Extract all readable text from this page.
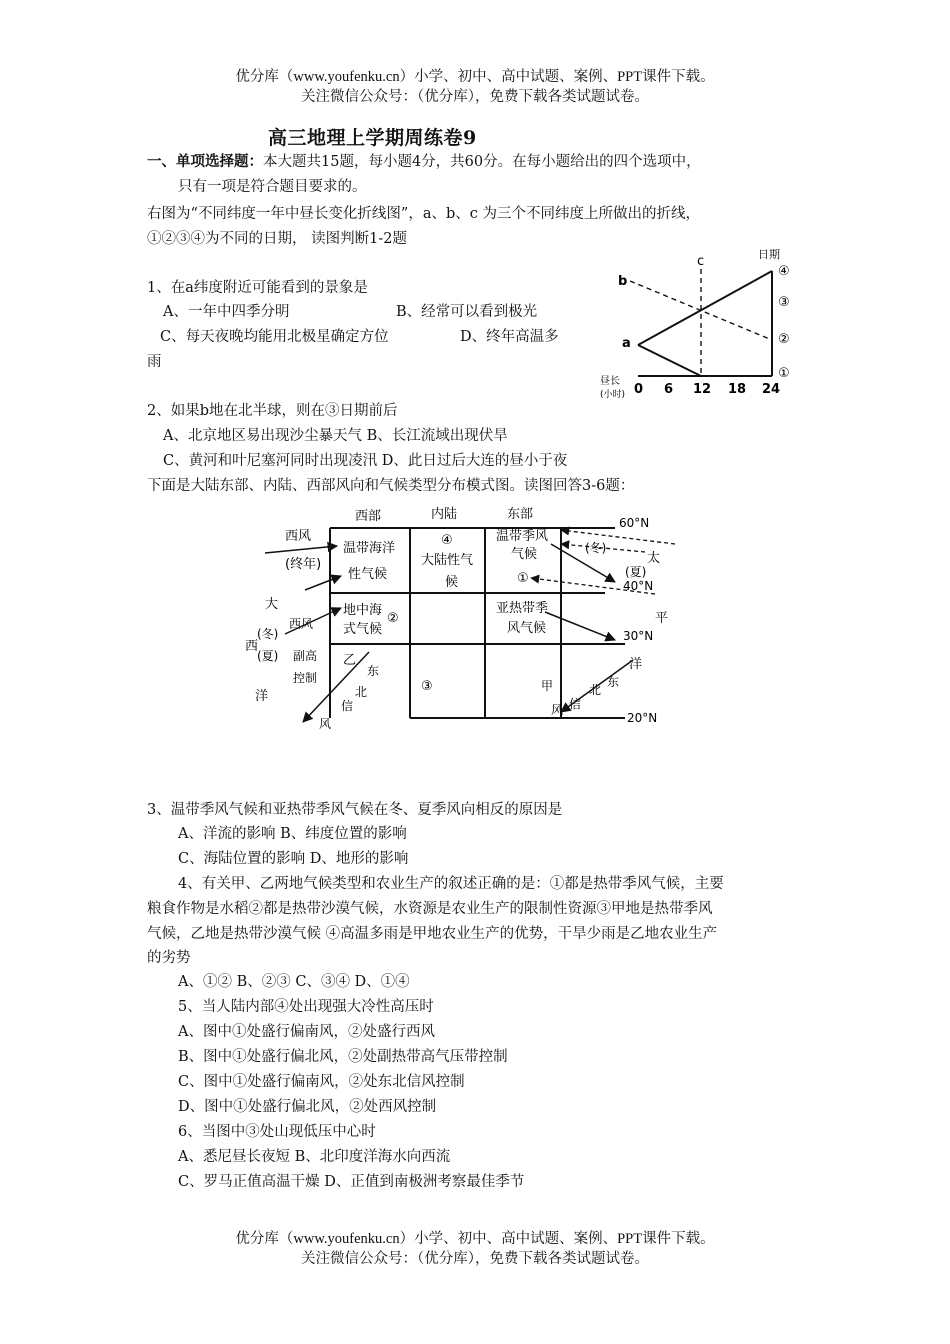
优分库（www.youfenku.cn）小学、初中、高中试题、案例、PPT课件下载。
关注微信公众号：（优分库），免费下载各类试题试卷。
高三地理上学期周练卷9
一、单项选择题：本大题共15题，每小题4分，共60分。在每小题给出的四个选项中，
只有一项是符合题目要求的。
右图为“不同纬度一年中昼长变化折线图”，a、b、c 为三个不同纬度上所做出的折线，
①②③④为不同的日期， 读图判断1-2题
1、在a纬度附近可能看到的景象是
A、一年中四季分明	B、经常可以看到极光
C、每天夜晚均能用北极星确定方位	D、终年高温多
雨
b
c
a
日期
④
③
②
①
昼长
(小时) 0 6 12 18 24
2、如果b地在北半球，则在③日期前后
A、北京地区易出现沙尘暴天气 B、长江流域出现伏旱
C、黄河和叶尼塞河同时出现凌汛 D、此日过后大连的昼小于夜
下面是大陆东部、内陆、西部风向和气候类型分布模式图。读图回答3-6题：
西部	内陆	东部
60°N
40°N
30°N
20°N
西风
(终年)
温带海洋
性气候
④
大陆性气
候
温带季风
气候
①
(冬)
太
平
洋
(夏)
大
西
洋
(冬)
(夏)
西风
副高
控制
地中海
式气候
②
亚热带季
风气候
乙
东
北
信
风
③	甲	东
北
信
风
3、温带季风气候和亚热带季风气候在冬、夏季风向相反的原因是
A、洋流的影响 B、纬度位置的影响
C、海陆位置的影响 D、地形的影响
4、有关甲、乙两地气候类型和农业生产的叙述正确的是：①都是热带季风气候，主要
粮食作物是水稻②都是热带沙漠气候，水资源是农业生产的限制性资源③甲地是热带季风
气候，乙地是热带沙漠气候 ④高温多雨是甲地农业生产的优势，干旱少雨是乙地农业生产
的劣势
A、①② B、②③ C、③④ D、①④
5、当人陆内部④处出现强大冷性高压时
A、图中①处盛行偏南风，②处盛行西风
B、图中①处盛行偏北风，②处副热带高气压带控制
C、图中①处盛行偏南风，②处东北信风控制
D、图中①处盛行偏北风，②处西风控制
6、当图中③处山现低压中心时
A、悉尼昼长夜短 B、北印度洋海水向西流
C、罗马正值高温干燥 D、正值到南极洲考察最佳季节
优分库（www.youfenku.cn）小学、初中、高中试题、案例、PPT课件下载。
关注微信公众号：（优分库），免费下载各类试题试卷。
